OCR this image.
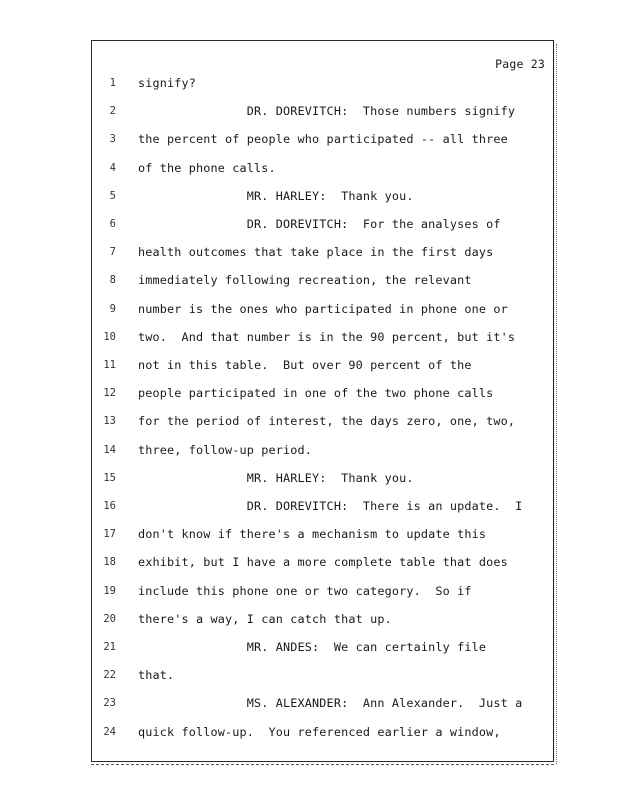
Page 23
1 signify?
2 DR. DOREVITCH:  Those numbers signify
3 the percent of people who participated -- all three
4 of the phone calls.
5 MR. HARLEY:  Thank you.
6 DR. DOREVITCH:  For the analyses of
7 health outcomes that take place in the first days
8 immediately following recreation, the relevant
9 number is the ones who participated in phone one or
10 two.  And that number is in the 90 percent, but it's
11 not in this table.  But over 90 percent of the
12 people participated in one of the two phone calls
13 for the period of interest, the days zero, one, two,
14 three, follow-up period.
15 MR. HARLEY:  Thank you.
16 DR. DOREVITCH:  There is an update.  I
17 don't know if there's a mechanism to update this
18 exhibit, but I have a more complete table that does
19 include this phone one or two category.  So if
20 there's a way, I can catch that up.
21 MR. ANDES:  We can certainly file
22 that.
23 MS. ALEXANDER:  Ann Alexander.  Just a
24 quick follow-up.  You referenced earlier a window,
